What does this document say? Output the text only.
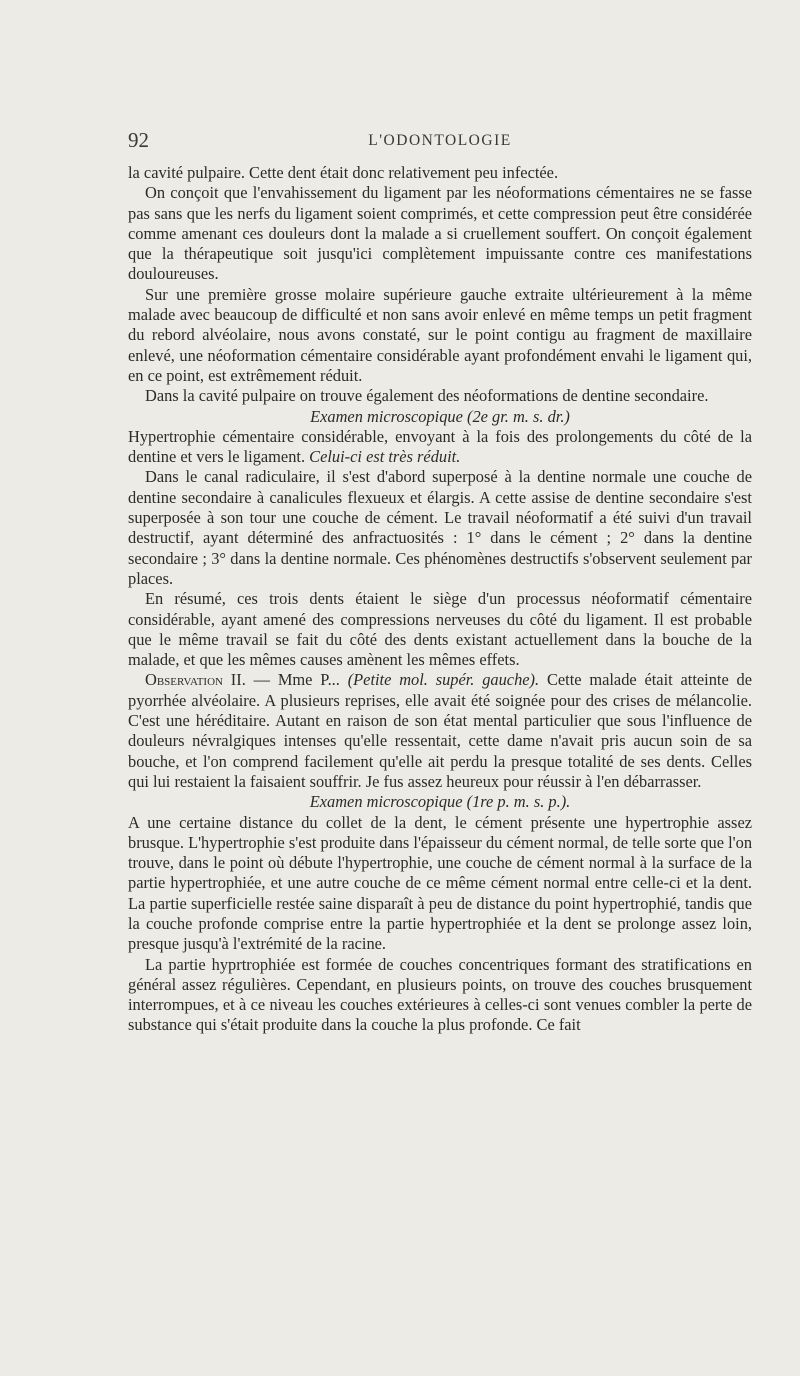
92	L'ODONTOLOGIE

la cavité pulpaire. Cette dent était donc relativement peu infectée.

On conçoit que l'envahissement du ligament par les néoformations cémentaires ne se fasse pas sans que les nerfs du ligament soient comprimés, et cette compression peut être considérée comme amenant ces douleurs dont la malade a si cruellement souffert. On conçoit également que la thérapeutique soit jusqu'ici complètement impuissante contre ces manifestations douloureuses.

Sur une première grosse molaire supérieure gauche extraite ultérieurement à la même malade avec beaucoup de difficulté et non sans avoir enlevé en même temps un petit fragment du rebord alvéolaire, nous avons constaté, sur le point contigu au fragment de maxillaire enlevé, une néoformation cémentaire considérable ayant profondément envahi le ligament qui, en ce point, est extrêmement réduit.

Dans la cavité pulpaire on trouve également des néoformations de dentine secondaire.

Examen microscopique (2e gr. m. s. dr.)

Hypertrophie cémentaire considérable, envoyant à la fois des prolongements du côté de la dentine et vers le ligament. Celui-ci est très réduit.

Dans le canal radiculaire, il s'est d'abord superposé à la dentine normale une couche de dentine secondaire à canalicules flexueux et élargis. A cette assise de dentine secondaire s'est superposée à son tour une couche de cément. Le travail néoformatif a été suivi d'un travail destructif, ayant déterminé des anfractuosités : 1° dans le cément ; 2° dans la dentine secondaire ; 3° dans la dentine normale. Ces phénomènes destructifs s'observent seulement par places.

En résumé, ces trois dents étaient le siège d'un processus néoformatif cémentaire considérable, ayant amené des compressions nerveuses du côté du ligament. Il est probable que le même travail se fait du côté des dents existant actuellement dans la bouche de la malade, et que les mêmes causes amènent les mêmes effets.

Observation II. — Mme P... (Petite mol. supér. gauche). Cette malade était atteinte de pyorrhée alvéolaire. A plusieurs reprises, elle avait été soignée pour des crises de mélancolie. C'est une héréditaire. Autant en raison de son état mental particulier que sous l'influence de douleurs névralgiques intenses qu'elle ressentait, cette dame n'avait pris aucun soin de sa bouche, et l'on comprend facilement qu'elle ait perdu la presque totalité de ses dents. Celles qui lui restaient la faisaient souffrir. Je fus assez heureux pour réussir à l'en débarrasser.

Examen microscopique (1re p. m. s. p.).

A une certaine distance du collet de la dent, le cément présente une hypertrophie assez brusque. L'hypertrophie s'est produite dans l'épaisseur du cément normal, de telle sorte que l'on trouve, dans le point où débute l'hypertrophie, une couche de cément normal à la surface de la partie hypertrophiée, et une autre couche de ce même cément normal entre celle-ci et la dent. La partie superficielle restée saine disparaît à peu de distance du point hypertrophié, tandis que la couche profonde comprise entre la partie hypertrophiée et la dent se prolonge assez loin, presque jusqu'à l'extrémité de la racine.

La partie hyprtrophiée est formée de couches concentriques formant des stratifications en général assez régulières. Cependant, en plusieurs points, on trouve des couches brusquement interrompues, et à ce niveau les couches extérieures à celles-ci sont venues combler la perte de substance qui s'était produite dans la couche la plus profonde. Ce fait
